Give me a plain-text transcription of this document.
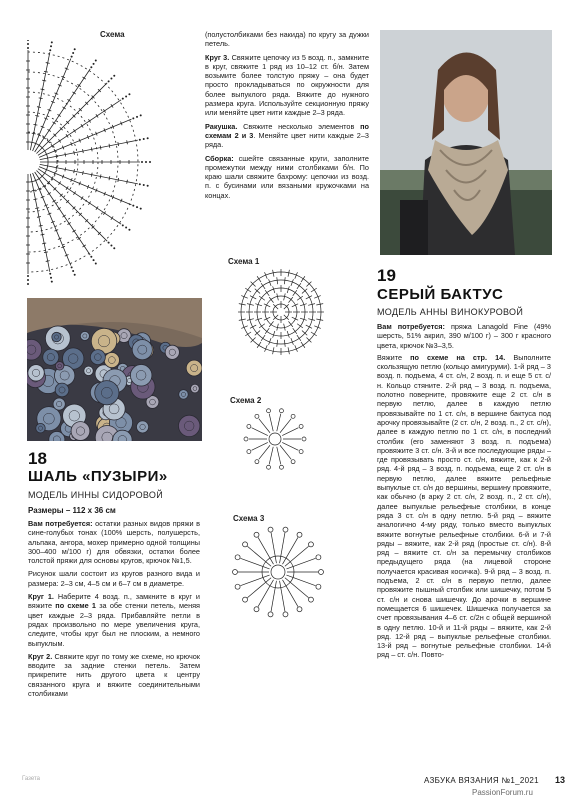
Схема	(полустолбиками без накида) по кругу за дужки петель.
Круг 3. Свяжите цепочку из 5 возд. п., замкните в круг, свяжите 1 ряд из 10–12 ст. б/н. Затем возьмите более толстую пряжу – она будет просто прокладываться по окружности для более выпуклого ряда. Вяжите до нужного размера круга. Используйте секционную пряжу или меняйте цвет нити каждые 2–3 ряда.
Ракушка. Свяжите несколько элементов по схемам 2 и 3. Меняйте цвет нити каждые 2–3 ряда.
Сборка: сшейте связанные круги, заполните промежутки между ними столбиками б/н. По краю шали свяжите бахрому: цепочки из возд. п. с бусинами или вязаными кружочками на концах.
18
ШАЛЬ «ПУЗЫРИ»
МОДЕЛЬ ИННЫ СИДОРОВОЙ
Размеры – 112 х 36 см
Вам потребуется: остатки разных видов пряжи в сине-голубых тонах (100% шерсть, полушерсть, альпака, ангора, мохер примерно одной толщины 300–400 м/100 г) для обвязки, остатки более толстой пряжи для основы кругов, крючок №1,5.
Рисунок шали состоит из кругов разного вида и размера: 2–3 см, 4–5 см и 6–7 см в диаметре.
Круг 1. Наберите 4 возд. п., замкните в круг и вяжите по схеме 1 за обе стенки петель, меняя цвет каждые 2–3 ряда. Прибавляйте петли в рядах произвольно по мере увеличения круга, следите, чтобы круг был не плоским, а немного выпуклым.
Круг 2. Свяжите круг по тому же схеме, но крючок вводите за задние стенки петель. Затем прикрепите нить другого цвета к центру связанного круга и вяжите соединительными столбиками
Схема 1
Схема 2
Схема 3
19
СЕРЫЙ БАКТУС
МОДЕЛЬ АННЫ ВИНОКУРОВОЙ
Вам потребуется: пряжа Lanagold Fine (49% шерсть, 51% акрил, 390 м/100 г) – 300 г красного цвета, крючок №3–3,5.
Вяжите по схеме на стр. 14. Выполните скользящую петлю (кольцо амигуруми). 1-й ряд – 3 возд. п. подъема, 4 ст. с/н, 2 возд. п. и еще 5 ст. с/н. Кольцо стяните. 2-й ряд – 3 возд. п. подъема, полотно поверните, провяжите еще 2 ст. с/н в первую петлю, далее в каждую петлю провязывайте по 1 ст. с/н, в вершине бактуса под арочку провязывайте (2 ст. с/н, 2 возд. п., 2 ст. с/н), далее в каждую петлю по 1 ст. с/н, в последний столбик (его заменяют 3 возд. п. подъема) провяжите 3 ст. с/н. 3-й и все последующие ряды – где провязывать просто ст. с/н, вяжите, как к 2-й ряд. 4-й ряд – 3 возд. п. подъема, еще 2 ст. с/н в первую петлю, далее вяжите рельефные выпуклые ст. с/н до вершины, вершину провяжите, как обычно (в арку 2 ст. с/н, 2 возд. п., 2 ст. с/н), далее выпуклые рельефные столбики, в конце ряда 3 ст. с/н в одну петлю. 5-й ряд – вяжите аналогично 4-му ряду, только вместо выпуклых вяжите вогнутые рельефные столбики. 6-й и 7-й ряды – вяжите, как 2-й ряд (простые ст. с/н). 8-й ряд – вяжите ст. с/н за перемычку столбиков предыдущего ряда (на лицевой стороне получается красивая косичка). 9-й ряд – 3 возд. п. подъема, 2 ст. с/н в первую петлю, далее провяжите пышный столбик или шишечку, потом 5 ст. с/н и снова шишечку. До арочки в вершине помещается 6 шишечек. Шишечка получается за счет провязывания 4–6 ст. с/2н с общей вершиной в одну петлю. 10-й и 11-й ряды – вяжите, как 2-й ряд. 12-й ряд – выпуклые рельефные столбики. 13-й ряд – вогнутые рельефные столбики. 14-й ряд – ст. с/н. Повто-
Газета	АЗБУКА ВЯЗАНИЯ №1_2021 13
PassionForum.ru
